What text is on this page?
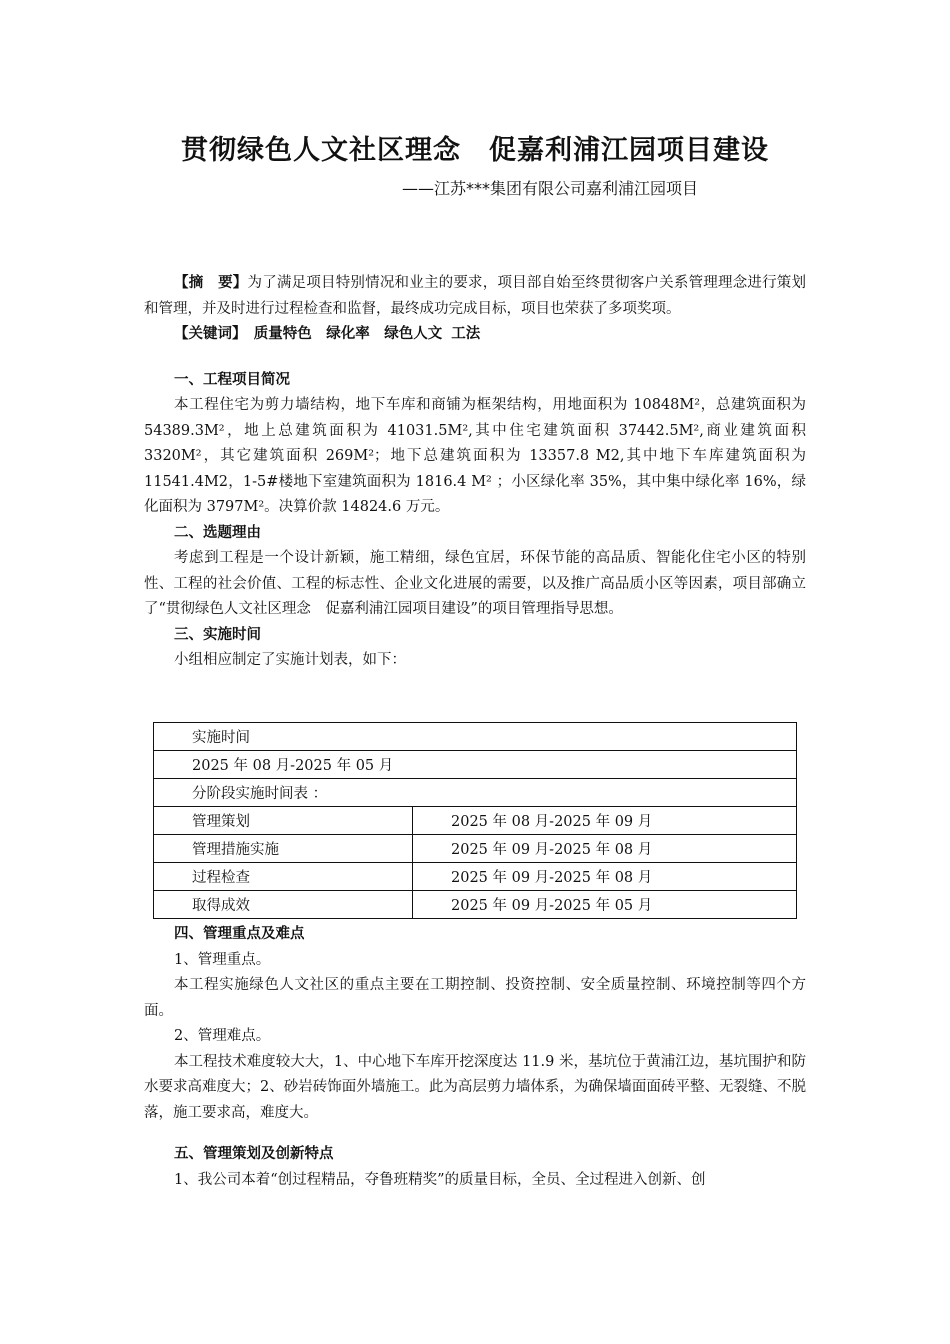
贯彻绿色人文社区理念　促嘉利浦江园项目建设
——江苏***集团有限公司嘉利浦江园项目

【摘　要】为了满足项目特别情况和业主的要求，项目部自始至终贯彻客户关系管理理念进行策划和管理，并及时进行过程检查和监督，最终成功完成目标，项目也荣获了多项奖项。

【关键词】　质量特色　绿化率　绿色人文 工法

一、工程项目简况

本工程住宅为剪力墙结构，地下车库和商铺为框架结构，用地面积为 10848M²，总建筑面积为 54389.3M²，地上总建筑面积为 41031.5M²,其中住宅建筑面积 37442.5M²,商业建筑面积 3320M²，其它建筑面积 269M²；地下总建筑面积为 13357.8 M2,其中地下车库建筑面积为 11541.4M2，1-5#楼地下室建筑面积为 1816.4 M² ；小区绿化率 35%，其中集中绿化率 16%，绿化面积为 3797M²。决算价款 14824.6 万元。

二、选题理由

考虑到工程是一个设计新颖，施工精细，绿色宜居，环保节能的高品质、智能化住宅小区的特别性、工程的社会价值、工程的标志性、企业文化进展的需要，以及推广高品质小区等因素，项目部确立了“贯彻绿色人文社区理念　促嘉利浦江园项目建设”的项目管理指导思想。

三、实施时间

小组相应制定了实施计划表，如下：

实施时间	
2025 年 08 月-2025 年 05 月	
分阶段实施时间表 ：	
管理策划	2025 年 08 月-2025 年 09 月
管理措施实施	2025 年 09 月-2025 年 08 月
过程检查	2025 年 09 月-2025 年 08 月
取得成效	2025 年 09 月-2025 年 05 月

四、管理重点及难点

1、管理重点。

本工程实施绿色人文社区的重点主要在工期控制、投资控制、安全质量控制、环境控制等四个方面。

2、管理难点。

本工程技术难度较大大，1、中心地下车库开挖深度达 11.9 米，基坑位于黄浦江边，基坑围护和防水要求高难度大；2、砂岩砖饰面外墙施工。此为高层剪力墙体系，为确保墙面面砖平整、无裂缝、不脱落，施工要求高，难度大。

五、管理策划及创新特点

1、我公司本着“创过程精品，夺鲁班精奖”的质量目标，全员、全过程进入创新、创
